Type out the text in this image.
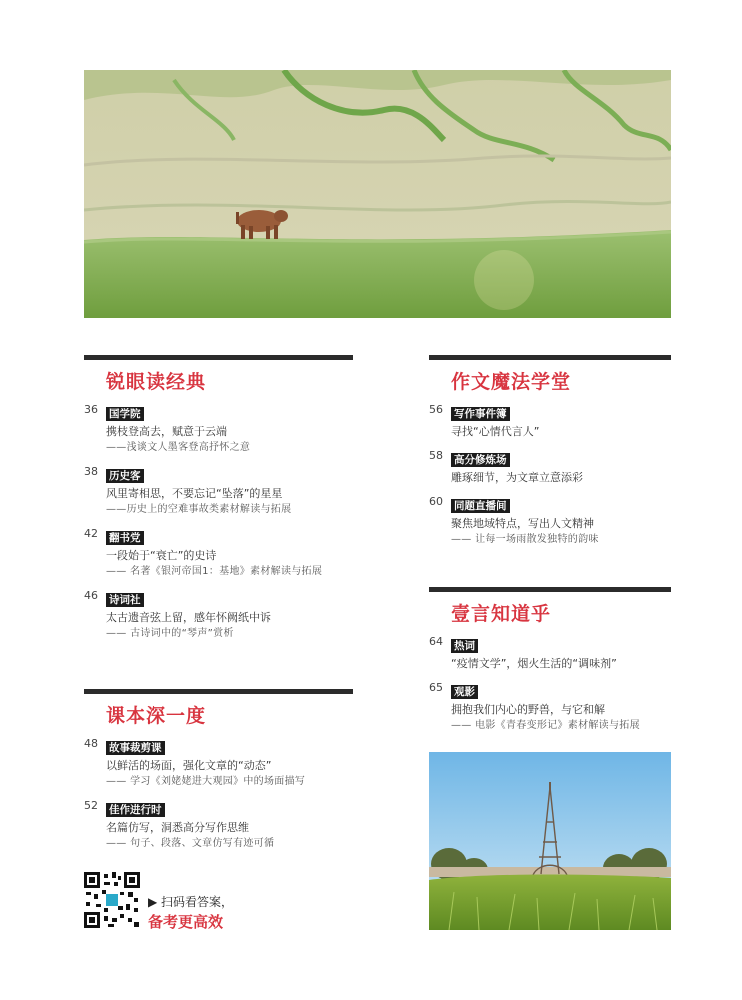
锐眼读经典
36	国学院
携枝登高去，赋意于云端
——浅谈文人墨客登高抒怀之意
38	历史客
风里寄相思，不要忘记“坠落”的星星
——历史上的空难事故类素材解读与拓展
42	翻书党
一段始于“衰亡”的史诗
—— 名著《银河帝国1：基地》素材解读与拓展
46	诗词社
太古遗音弦上留，感年怀阙纸中诉
—— 古诗词中的“琴声”赏析
课本深一度
48	故事裁剪课
以鲜活的场面，强化文章的“动态”
—— 学习《刘姥姥进大观园》中的场面描写
52	佳作进行时
名篇仿写，洞悉高分写作思维
—— 句子、段落、文章仿写有迹可循
作文魔法学堂
56	写作事件簿
寻找“心情代言人”
58	高分修炼场
雕琢细节，为文章立意添彩
60	同题直播间
聚焦地域特点，写出人文精神
—— 让每一场雨散发独特的韵味
壹言知道乎
64	热词
“疫情文学”，烟火生活的“调味剂”
65	观影
拥抱我们内心的野兽，与它和解
—— 电影《青春变形记》素材解读与拓展
▶ 扫码看答案，
备考更高效
